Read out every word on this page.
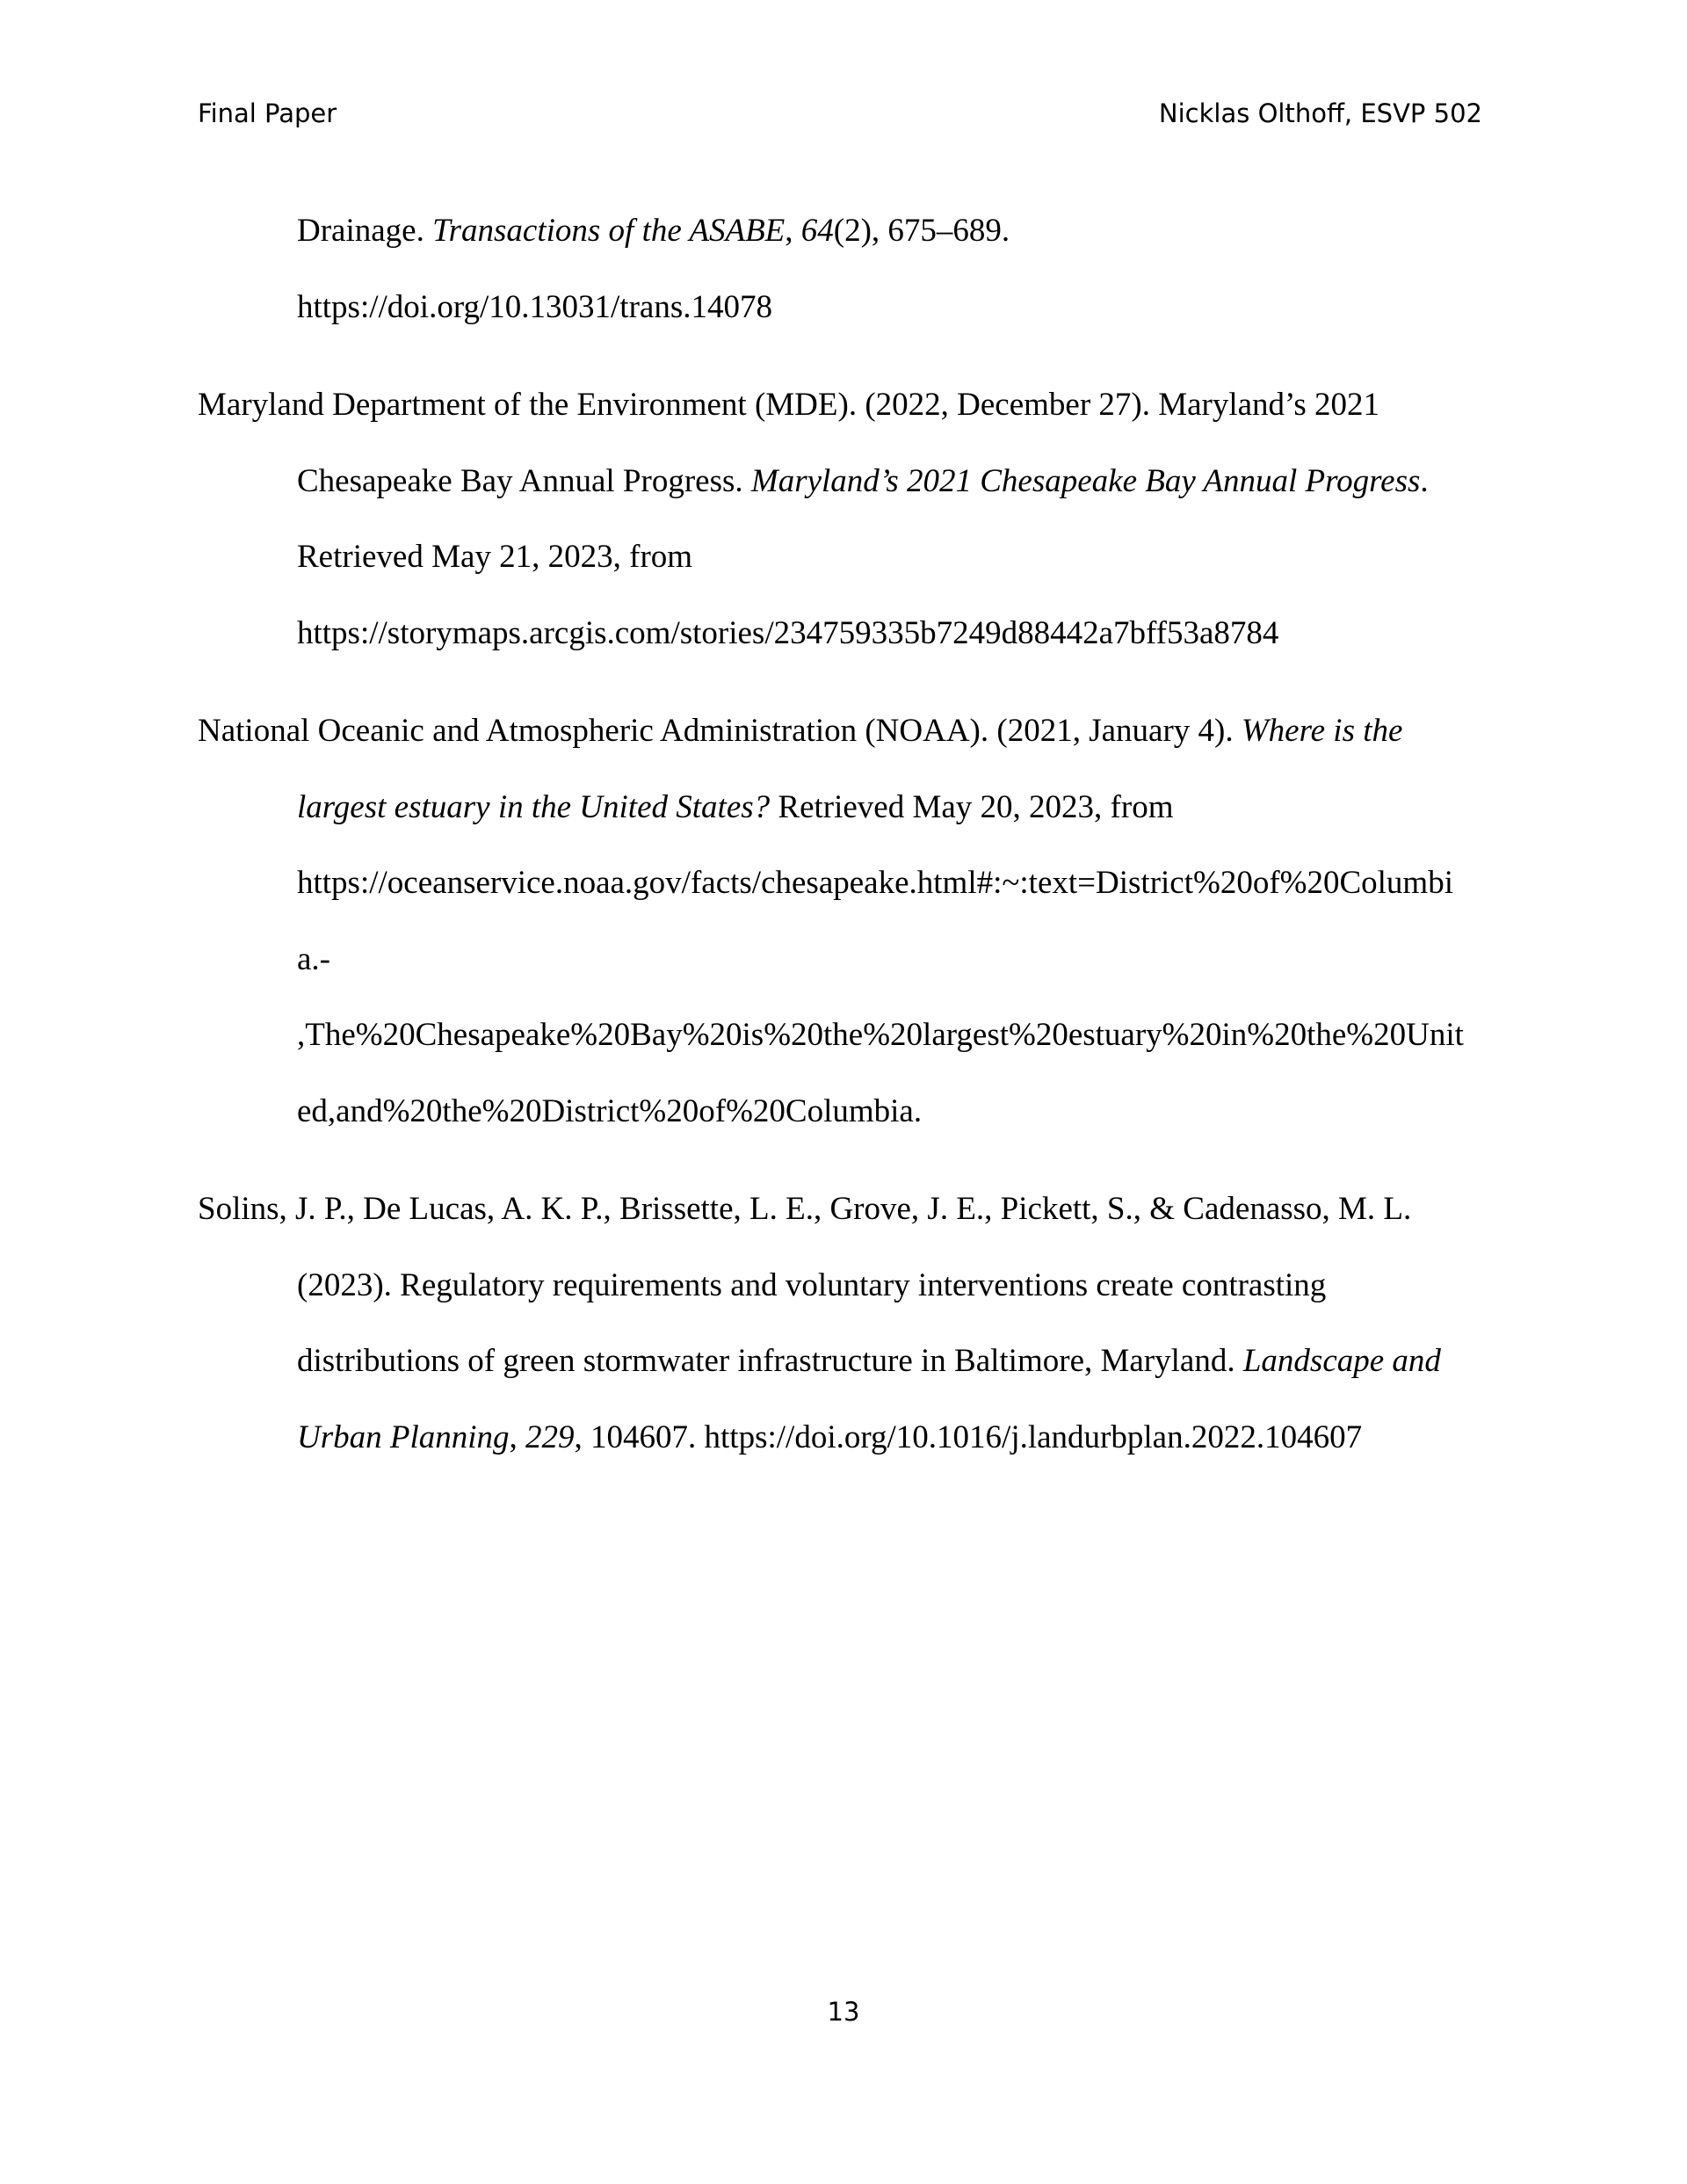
Final Paper	Nicklas Olthoff, ESVP 502
Drainage. Transactions of the ASABE, 64(2), 675–689.
https://doi.org/10.13031/trans.14078
Maryland Department of the Environment (MDE). (2022, December 27). Maryland’s 2021
Chesapeake Bay Annual Progress. Maryland’s 2021 Chesapeake Bay Annual Progress.
Retrieved May 21, 2023, from
https://storymaps.arcgis.com/stories/234759335b7249d88442a7bff53a8784
National Oceanic and Atmospheric Administration (NOAA). (2021, January 4). Where is the
largest estuary in the United States? Retrieved May 20, 2023, from
https://oceanservice.noaa.gov/facts/chesapeake.html#:~:text=District%20of%20Columbi
a.-
,The%20Chesapeake%20Bay%20is%20the%20largest%20estuary%20in%20the%20Unit
ed,and%20the%20District%20of%20Columbia.
Solins, J. P., De Lucas, A. K. P., Brissette, L. E., Grove, J. E., Pickett, S., & Cadenasso, M. L.
(2023). Regulatory requirements and voluntary interventions create contrasting
distributions of green stormwater infrastructure in Baltimore, Maryland. Landscape and
Urban Planning, 229, 104607. https://doi.org/10.1016/j.landurbplan.2022.104607
13
